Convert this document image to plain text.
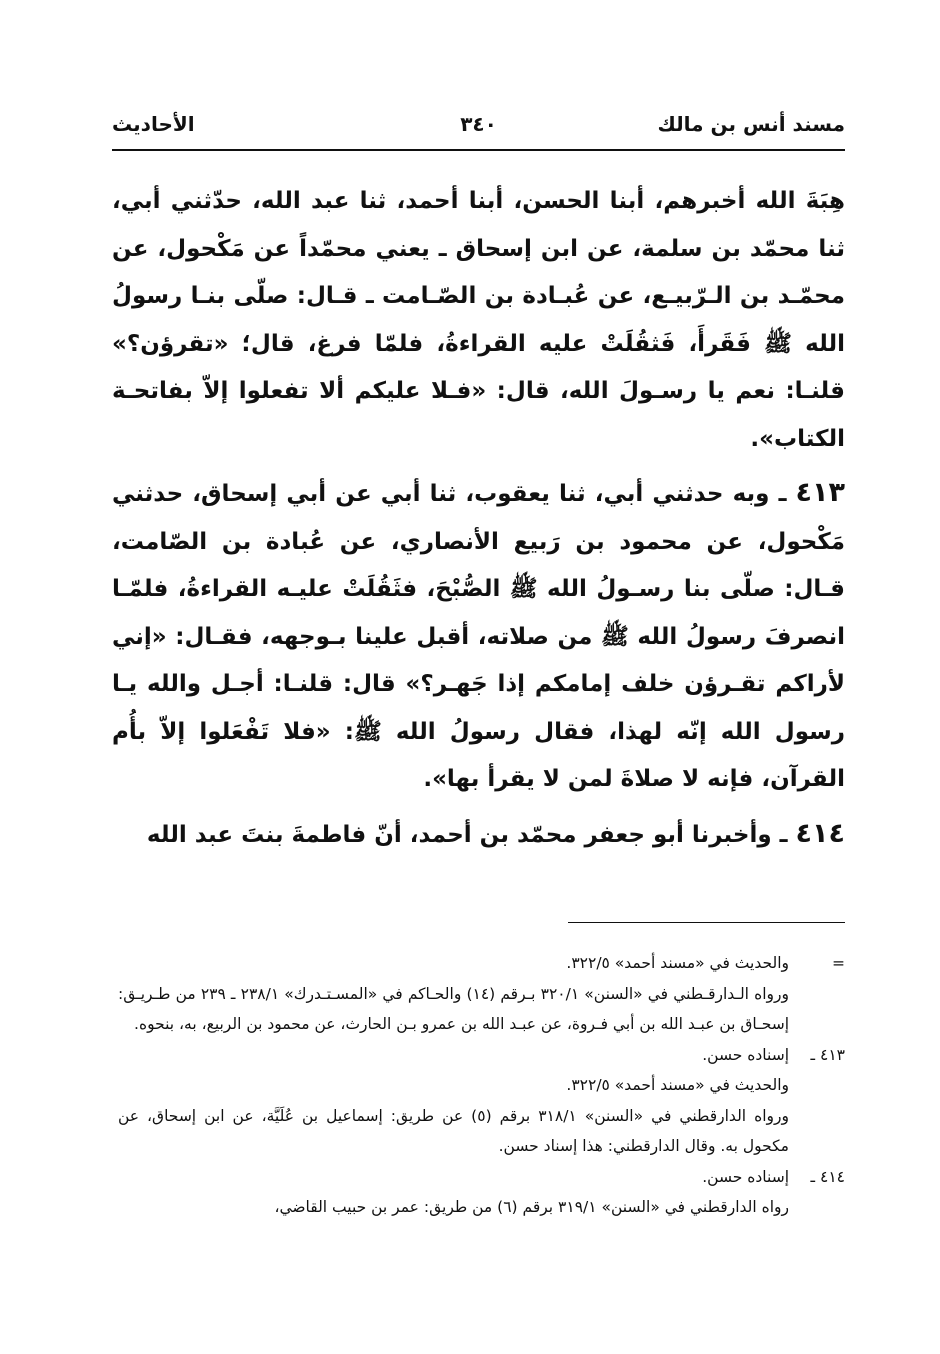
مسند أنس بن مالك
٣٤٠
الأحاديث

هِبَةَ الله أخبرهم، أبنا الحسن، أبنا أحمد، ثنا عبد الله، حدّثني أبي، ثنا محمّد بن سلمة، عن ابن إسحاق ـ يعني محمّداً عن مَكْحول، عن محمّـد بن الـرّبيـع، عن عُبـادة بن الصّـامت ـ قـال: صلّى بنـا رسولُ الله ﷺ فَقَرأَ، فَثقُلَتْ عليه القراءةُ، فلمّا فرغ، قال؛ «تقرؤن؟» قلنـا: نعم يا رسـولَ الله، قال: «فـلا عليكم ألا تفعلوا إلاّ بفاتحـة الكتاب».

٤١٣ ـ وبه حدثني أبي، ثنا يعقوب، ثنا أبي عن أبي إسحاق، حدثني مَكْحول، عن محمود بن رَبيع الأنصاري، عن عُبادة بن الصّامت، قـال: صلّى بنا رسـولُ الله ﷺ الصُّبْحَ، فثَقُلَتْ عليـه القراءةُ، فلمّـا انصرفَ رسولُ الله ﷺ من صلاته، أقبل علينا بـوجهه، فقـال: «إني لأراكم تقـرؤن خلف إمامكم إذا جَهـر؟» قال: قلنـا: أجـل والله يـا رسول الله إنّه لهذا، فقال رسولُ الله ﷺ: «فلا تَفْعَلوا إلاّ بأُم القرآن، فإنه لا صلاةَ لمن لا يقرأ بها».

٤١٤ ـ وأخبرنا أبو جعفر محمّد بن أحمد، أنّ فاطمةَ بنتَ عبد الله

=
والحديث في «مسند أحمد» ٣٢٢/٥.
ورواه الـدارقـطني في «السنن» ٣٢٠/١ بـرقم (١٤) والحـاكم في «المسـتـدرك» ٢٣٨/١ ـ ٢٣٩ من طـريـق: إسحـاق بن عبـد الله بن أبي فـروة، عن عبـد الله بن عمرو بـن الحارث، عن محمود بن الربيع، به، بنحوه.
٤١٣ ـ
إسناده حسن.
والحديث في «مسند أحمد» ٣٢٢/٥.
ورواه الدارقطني في «السنن» ٣١٨/١ برقم (٥) عن طريق: إسماعيل بن عُلَيَّة، عن ابن إسحاق، عن مكحول به. وقال الدارقطني: هذا إسناد حسن.
٤١٤ ـ
إسناده حسن.
رواه الدارقطني في «السنن» ٣١٩/١ برقم (٦) من طريق: عمر بن حبيب القاضي،
